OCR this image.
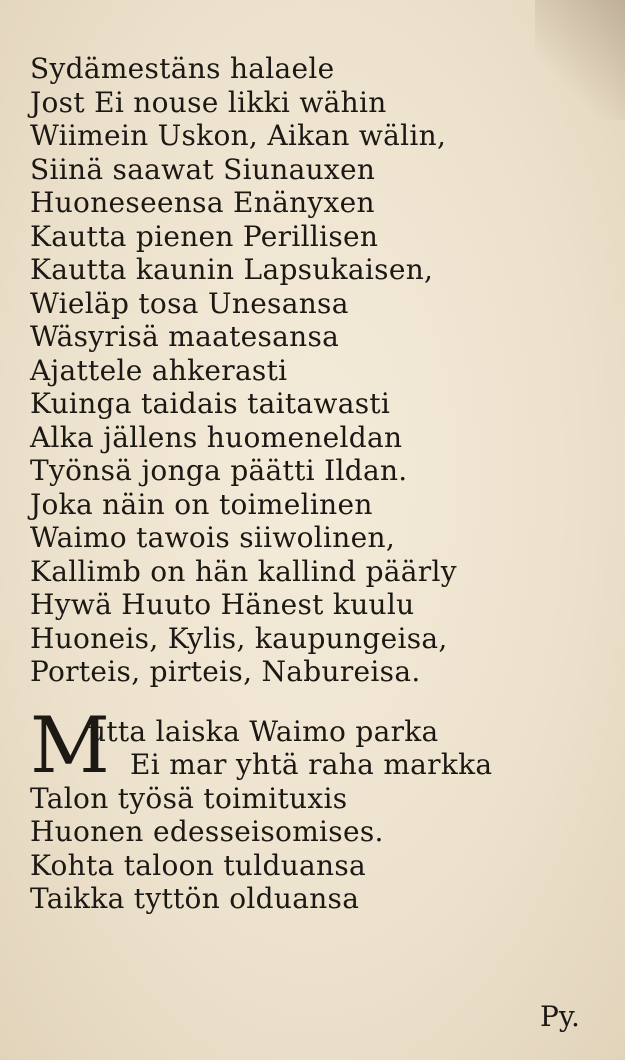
Sydämestäns halaele
Jost Ei nouse likki wähin
Wiimein Uskon, Aikan wälin,
Siinä saawat Siunauxen
Huoneseensa Enänyxen
Kautta pienen Perillisen
Kautta kaunin Lapsukaisen,
Wieläp tosa Unesansa
Wäsyrisä maatesansa
Ajattele ahkerasti
Kuinga taidais taitawasti
Alka jällens huomeneldan
Työnsä jonga päätti Ildan.
Joka näin on toimelinen
Waimo tawois siiwolinen,
Kallimb on hän kallind päärly
Hywä Huuto Hänest kuulu
Huoneis, Kylis, kaupungeisa,
Porteis, pirteis, Nabureisa.
M
utta laiska Waimo parka
Ei mar yhtä raha markka
Talon työsä toimituxis
Huonen edesseisomises.
Kohta taloon tulduansa
Taikka tyttön olduansa
Py.
